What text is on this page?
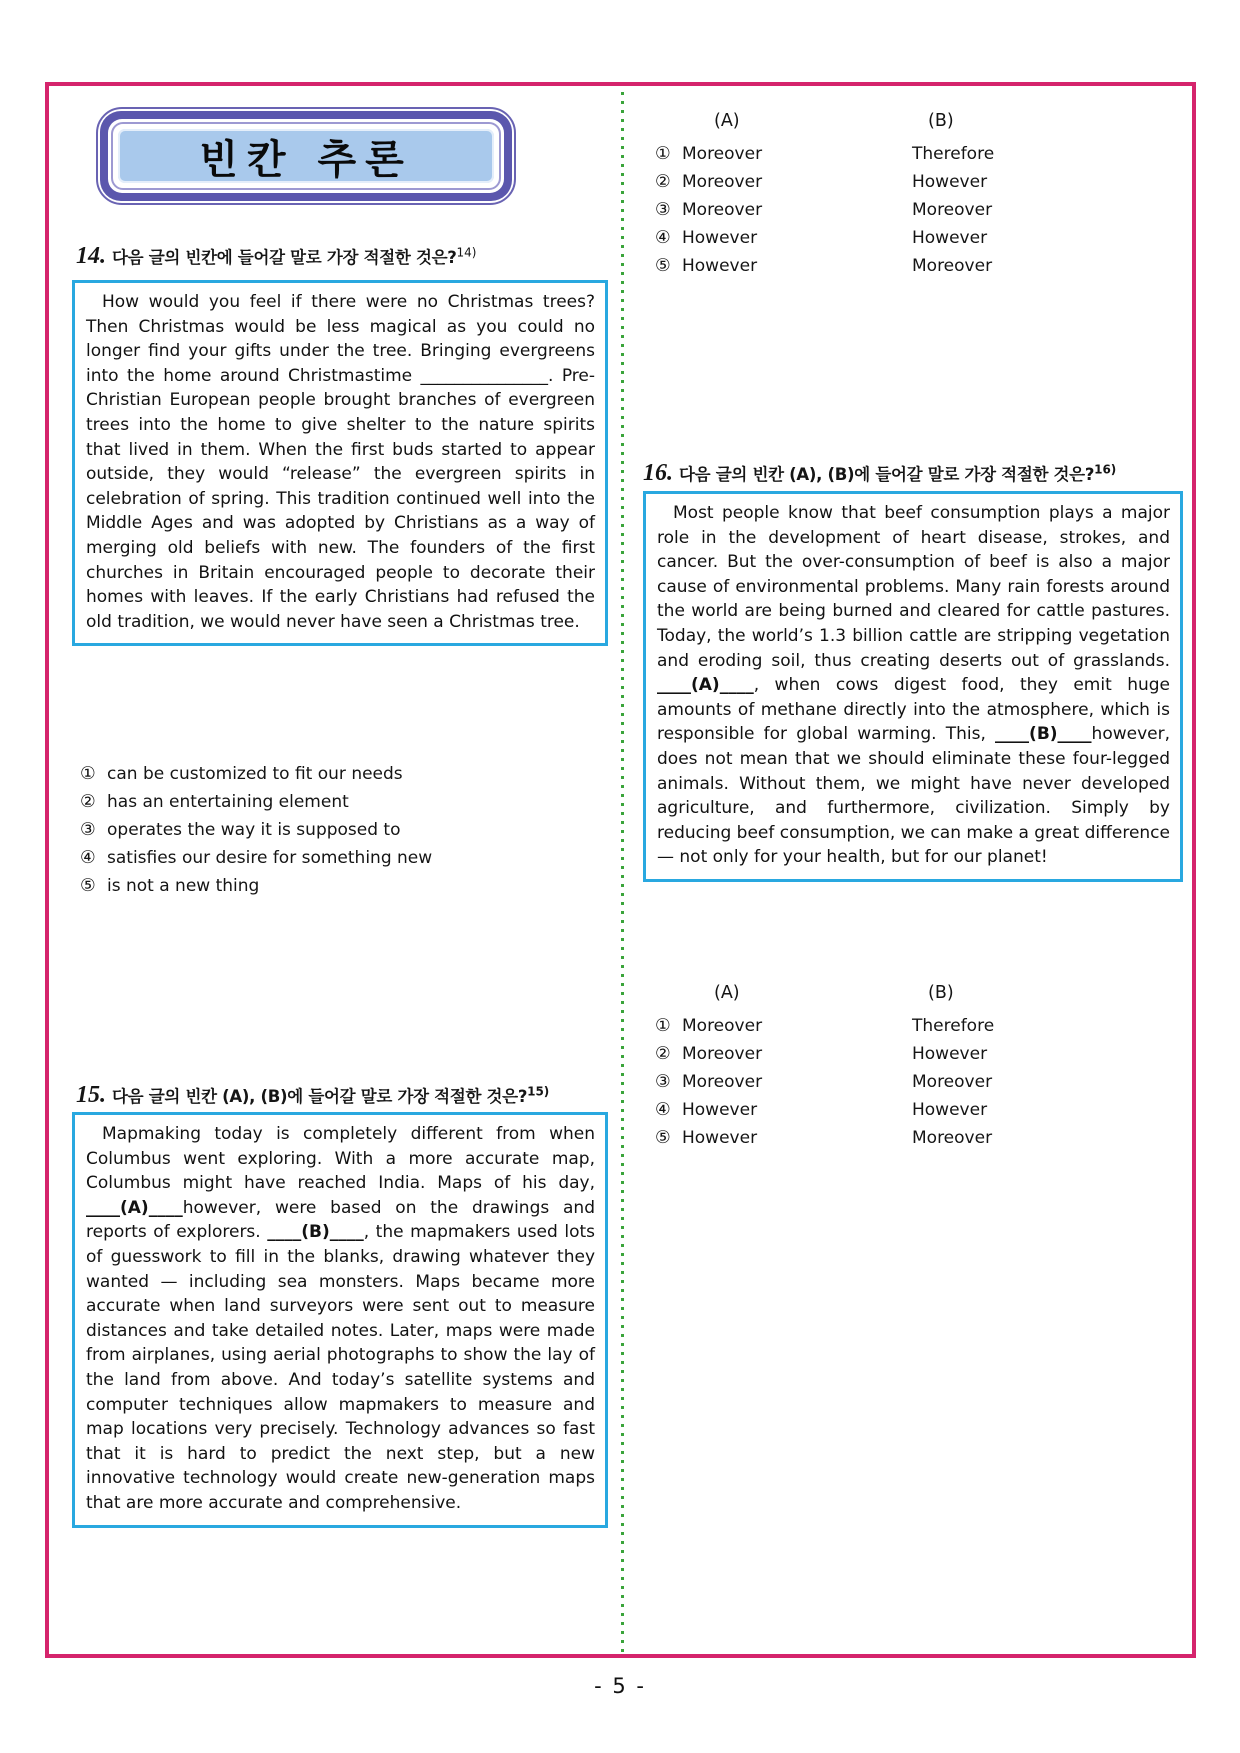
빈칸 추론
14. 다음 글의 빈칸에 들어갈 말로 가장 적절한 것은?$^{14)}$
How would you feel if there were no Christmas trees? Then Christmas would be less magical as you could no longer find your gifts under the tree. Bringing evergreens into the home around Christmastime _______________. Pre-Christian European people brought branches of evergreen trees into the home to give shelter to the nature spirits that lived in them. When the first buds started to appear outside, they would “release” the evergreen spirits in celebration of spring. This tradition continued well into the Middle Ages and was adopted by Christians as a way of merging old beliefs with new. The founders of the first churches in Britain encouraged people to decorate their homes with leaves. If the early Christians had refused the old tradition, we would never have seen a Christmas tree.
① can be customized to fit our needs
② has an entertaining element
③ operates the way it is supposed to
④ satisfies our desire for something new
⑤ is not a new thing
15. 다음 글의 빈칸 (A), (B)에 들어갈 말로 가장 적절한 것은?$^{15)}$
Mapmaking today is completely different from when Columbus went exploring. With a more accurate map, Columbus might have reached India. Maps of his day, ____(A)____however, were based on the drawings and reports of explorers. ____(B)____, the mapmakers used lots of guesswork to fill in the blanks, drawing whatever they wanted — including sea monsters. Maps became more accurate when land surveyors were sent out to measure distances and take detailed notes. Later, maps were made from airplanes, using aerial photographs to show the lay of the land from above. And today’s satellite systems and computer techniques allow mapmakers to measure and map locations very precisely. Technology advances so fast that it is hard to predict the next step, but a new innovative technology would create new-generation maps that are more accurate and comprehensive.
(A)	(B)
① Moreover	Therefore
② Moreover	However
③ Moreover	Moreover
④ However	However
⑤ However	Moreover
16. 다음 글의 빈칸 (A), (B)에 들어갈 말로 가장 적절한 것은?$^{16)}$
Most people know that beef consumption plays a major role in the development of heart disease, strokes, and cancer. But the over-consumption of beef is also a major cause of environmental problems. Many rain forests around the world are being burned and cleared for cattle pastures. Today, the world’s 1.3 billion cattle are stripping vegetation and eroding soil, thus creating deserts out of grasslands. ____(A)____, when cows digest food, they emit huge amounts of methane directly into the atmosphere, which is responsible for global warming. This, ____(B)____however, does not mean that we should eliminate these four-legged animals. Without them, we might have never developed agriculture, and furthermore, civilization. Simply by reducing beef consumption, we can make a great difference — not only for your health, but for our planet!
(A)	(B)
① Moreover	Therefore
② Moreover	However
③ Moreover	Moreover
④ However	However
⑤ However	Moreover
- 5 -
